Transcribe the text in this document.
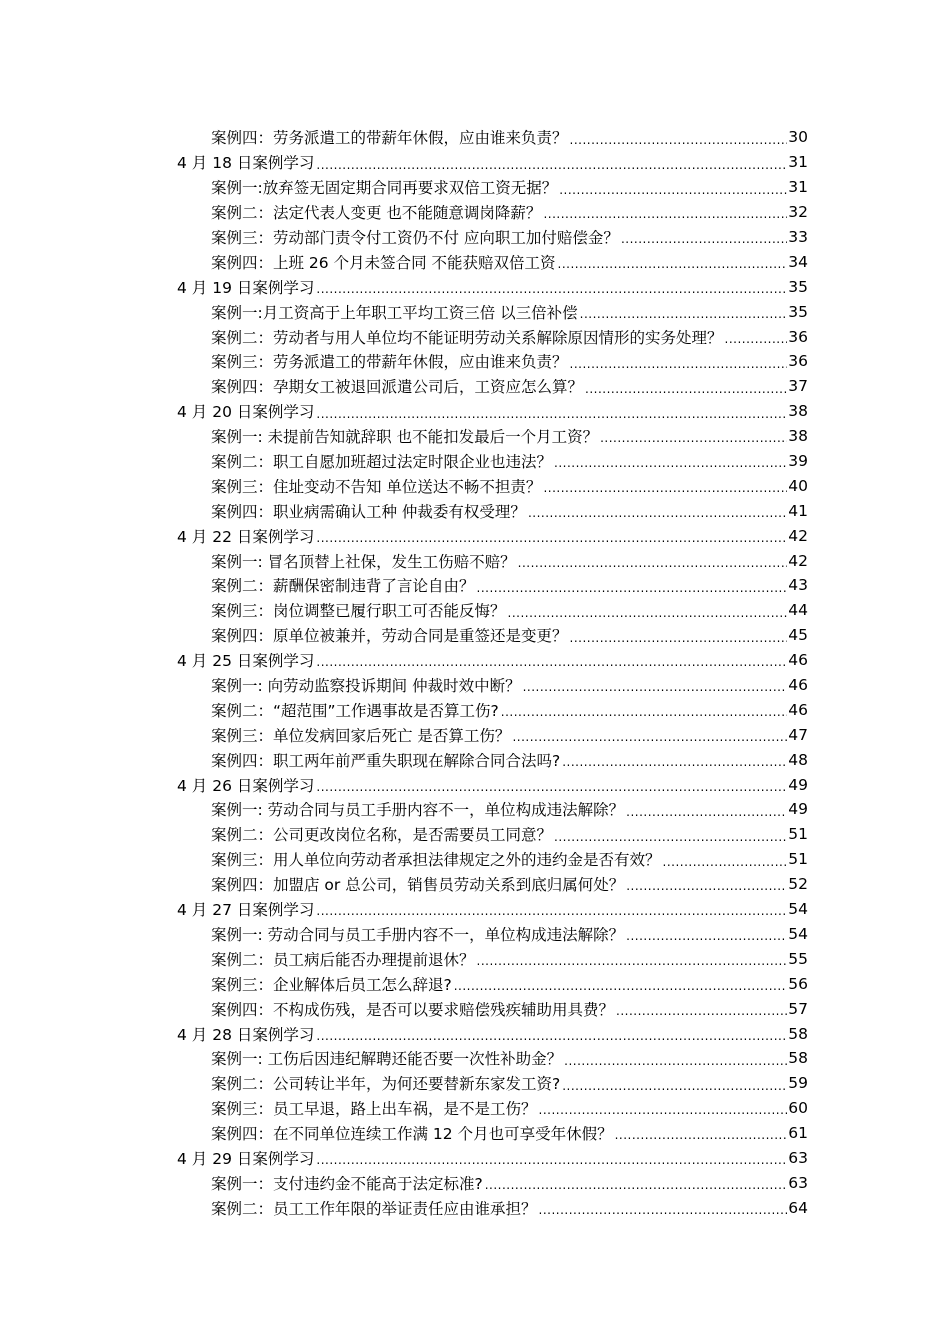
案例四：劳务派遣工的带薪年休假，应由谁来负责？ .....	30
4 月 18 日案例学习 .....	31
案例一:放弃签无固定期合同再要求双倍工资无据？ .....	31
案例二：法定代表人变更 也不能随意调岗降薪？ .....	32
案例三：劳动部门责令付工资仍不付 应向职工加付赔偿金？ .....	33
案例四：上班 26 个月未签合同 不能获赔双倍工资 .....	34
4 月 19 日案例学习 .....	35
案例一:月工资高于上年职工平均工资三倍 以三倍补偿 .....	35
案例二：劳动者与用人单位均不能证明劳动关系解除原因情形的实务处理？ .....	36
案例三：劳务派遣工的带薪年休假，应由谁来负责？ .....	36
案例四：孕期女工被退回派遣公司后，工资应怎么算？ .....	37
4 月 20 日案例学习 .....	38
案例一: 未提前告知就辞职 也不能扣发最后一个月工资？ .....	38
案例二：职工自愿加班超过法定时限企业也违法？ .....	39
案例三：住址变动不告知 单位送达不畅不担责？ .....	40
案例四：职业病需确认工种 仲裁委有权受理？ .....	41
4 月 22 日案例学习 .....	42
案例一: 冒名顶替上社保，发生工伤赔不赔？ .....	42
案例二：薪酬保密制违背了言论自由？ .....	43
案例三：岗位调整已履行职工可否能反悔？ .....	44
案例四：原单位被兼并，劳动合同是重签还是变更？ .....	45
4 月 25 日案例学习 .....	46
案例一: 向劳动监察投诉期间 仲裁时效中断？ .....	46
案例二：“超范围”工作遇事故是否算工伤? .....	46
案例三：单位发病回家后死亡 是否算工伤？ .....	47
案例四：职工两年前严重失职现在解除合同合法吗? .....	48
4 月 26 日案例学习 .....	49
案例一: 劳动合同与员工手册内容不一，单位构成违法解除？ .....	49
案例二：公司更改岗位名称，是否需要员工同意？ .....	51
案例三：用人单位向劳动者承担法律规定之外的违约金是否有效？ .....	51
案例四：加盟店 or 总公司，销售员劳动关系到底归属何处？ .....	52
4 月 27 日案例学习 .....	54
案例一: 劳动合同与员工手册内容不一，单位构成违法解除？ .....	54
案例二：员工病后能否办理提前退休？ .....	55
案例三：企业解体后员工怎么辞退? .....	56
案例四：不构成伤残，是否可以要求赔偿残疾辅助用具费？ .....	57
4 月 28 日案例学习 .....	58
案例一: 工伤后因违纪解聘还能否要一次性补助金？ .....	58
案例二：公司转让半年，为何还要替新东家发工资? .....	59
案例三：员工早退，路上出车祸，是不是工伤？ .....	60
案例四：在不同单位连续工作满 12 个月也可享受年休假？ .....	61
4 月 29 日案例学习 .....	63
案例一：支付违约金不能高于法定标准? .....	63
案例二：员工工作年限的举证责任应由谁承担？ .....	64
